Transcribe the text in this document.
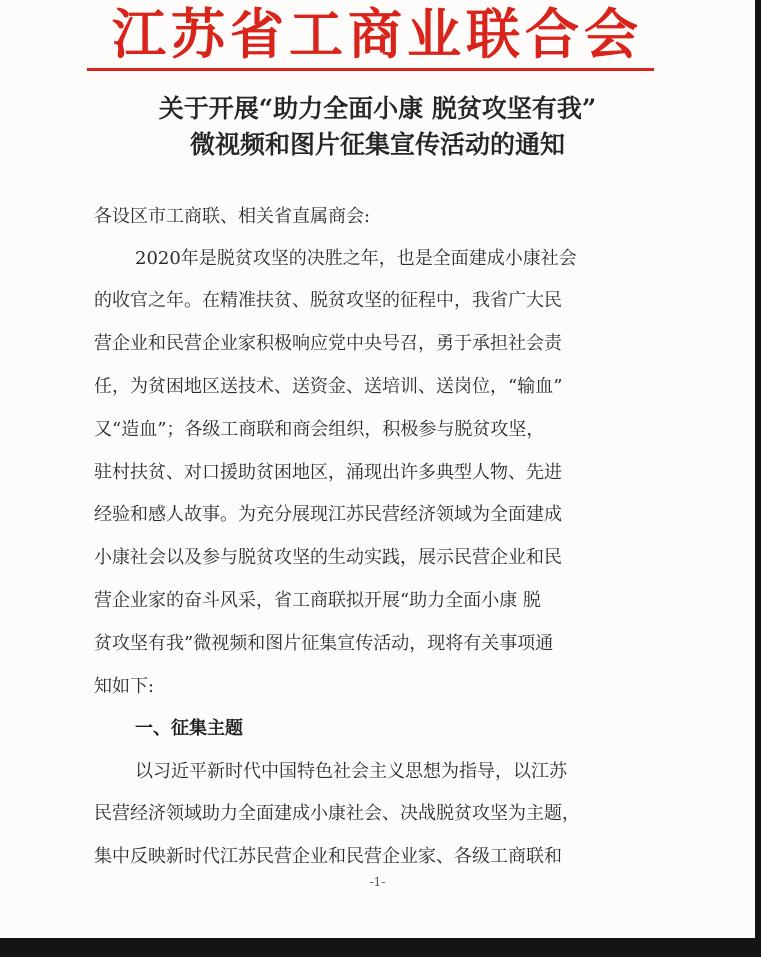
江苏省工商业联合会
关于开展“助力全面小康 脱贫攻坚有我”
微视频和图片征集宣传活动的通知
各设区市工商联、相关省直属商会:
2020年是脱贫攻坚的决胜之年，也是全面建成小康社会
的收官之年。在精准扶贫、脱贫攻坚的征程中，我省广大民
营企业和民营企业家积极响应党中央号召，勇于承担社会责
任，为贫困地区送技术、送资金、送培训、送岗位，“输血”
又“造血”；各级工商联和商会组织，积极参与脱贫攻坚，
驻村扶贫、对口援助贫困地区，涌现出许多典型人物、先进
经验和感人故事。为充分展现江苏民营经济领域为全面建成
小康社会以及参与脱贫攻坚的生动实践，展示民营企业和民
营企业家的奋斗风采，省工商联拟开展“助力全面小康 脱
贫攻坚有我”微视频和图片征集宣传活动，现将有关事项通
知如下:
一、征集主题
以习近平新时代中国特色社会主义思想为指导，以江苏
民营经济领域助力全面建成小康社会、决战脱贫攻坚为主题，
集中反映新时代江苏民营企业和民营企业家、各级工商联和
-1-
